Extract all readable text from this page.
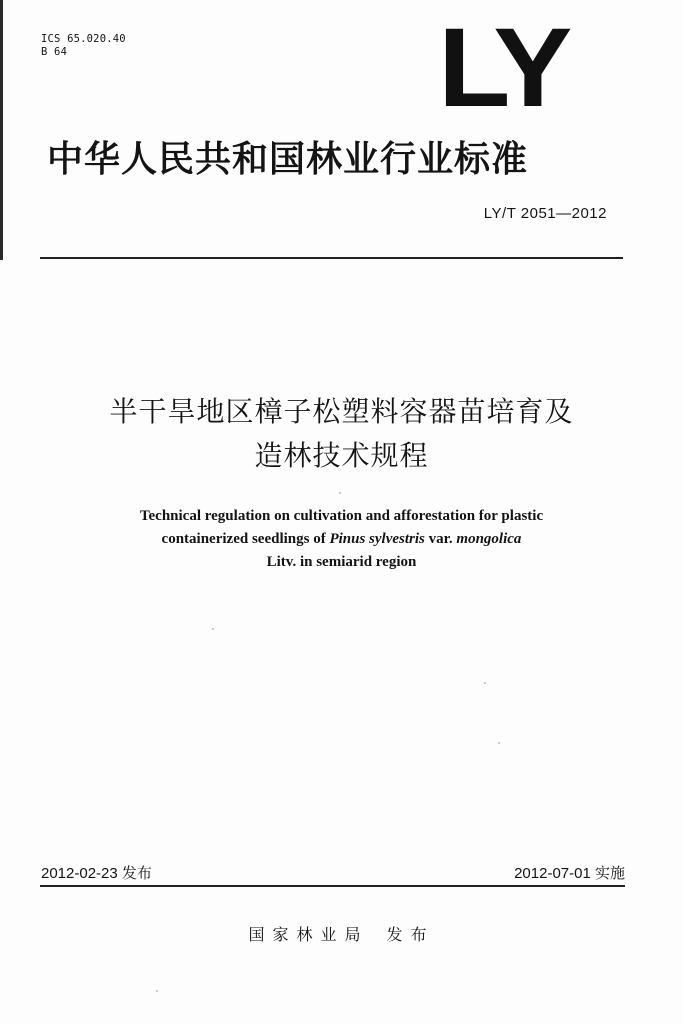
ICS 65.020.40
B 64	LY
中华人民共和国林业行业标准
LY/T 2051—2012
半干旱地区樟子松塑料容器苗培育及
造林技术规程
Technical regulation on cultivation and afforestation for plastic
containerized seedlings of Pinus sylvestris var. mongolica
Litv. in semiarid region
2012-02-23 发布	2012-07-01 实施
国家林业局 发布
